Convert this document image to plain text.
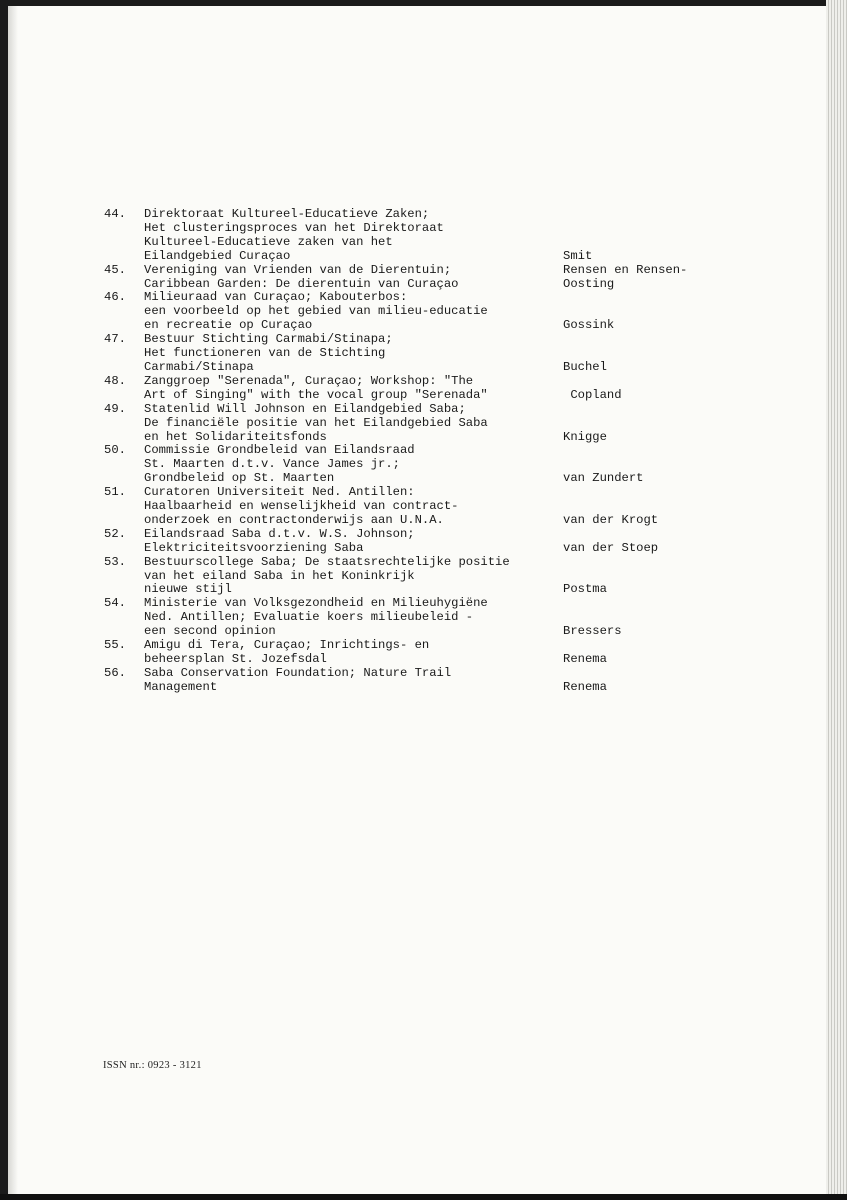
44.	Direktoraat Kultureel-Educatieve Zaken;
Het clusteringsproces van het Direktoraat
Kultureel-Educatieve zaken van het
Eilandgebied Curaçao	Smit
45.	Vereniging van Vrienden van de Dierentuin;	Rensen en Rensen-
Caribbean Garden: De dierentuin van Curaçao	Oosting
46.	Milieuraad van Curaçao; Kabouterbos:
een voorbeeld op het gebied van milieu-educatie
en recreatie op Curaçao	Gossink
47.	Bestuur Stichting Carmabi/Stinapa;
Het functioneren van de Stichting
Carmabi/Stinapa	Buchel
48.	Zanggroep "Serenada", Curaçao; Workshop: "The
Art of Singing" with the vocal group "Serenada"	Copland
49.	Statenlid Will Johnson en Eilandgebied Saba;
De financiële positie van het Eilandgebied Saba
en het Solidariteitsfonds	Knigge
50.	Commissie Grondbeleid van Eilandsraad
St. Maarten d.t.v. Vance James jr.;
Grondbeleid op St. Maarten	van Zundert
51.	Curatoren Universiteit Ned. Antillen:
Haalbaarheid en wenselijkheid van contract-
onderzoek en contractonderwijs aan U.N.A.	van der Krogt
52.	Eilandsraad Saba d.t.v. W.S. Johnson;
Elektriciteitsvoorziening Saba	van der Stoep
53.	Bestuurscollege Saba; De staatsrechtelijke positie
van het eiland Saba in het Koninkrijk
nieuwe stijl	Postma
54.	Ministerie van Volksgezondheid en Milieuhygiëne
Ned. Antillen; Evaluatie koers milieubeleid -
een second opinion	Bressers
55.	Amigu di Tera, Curaçao; Inrichtings- en
beheersplan St. Jozefsdal	Renema
56.	Saba Conservation Foundation; Nature Trail
Management	Renema
ISSN nr.: 0923 - 3121
